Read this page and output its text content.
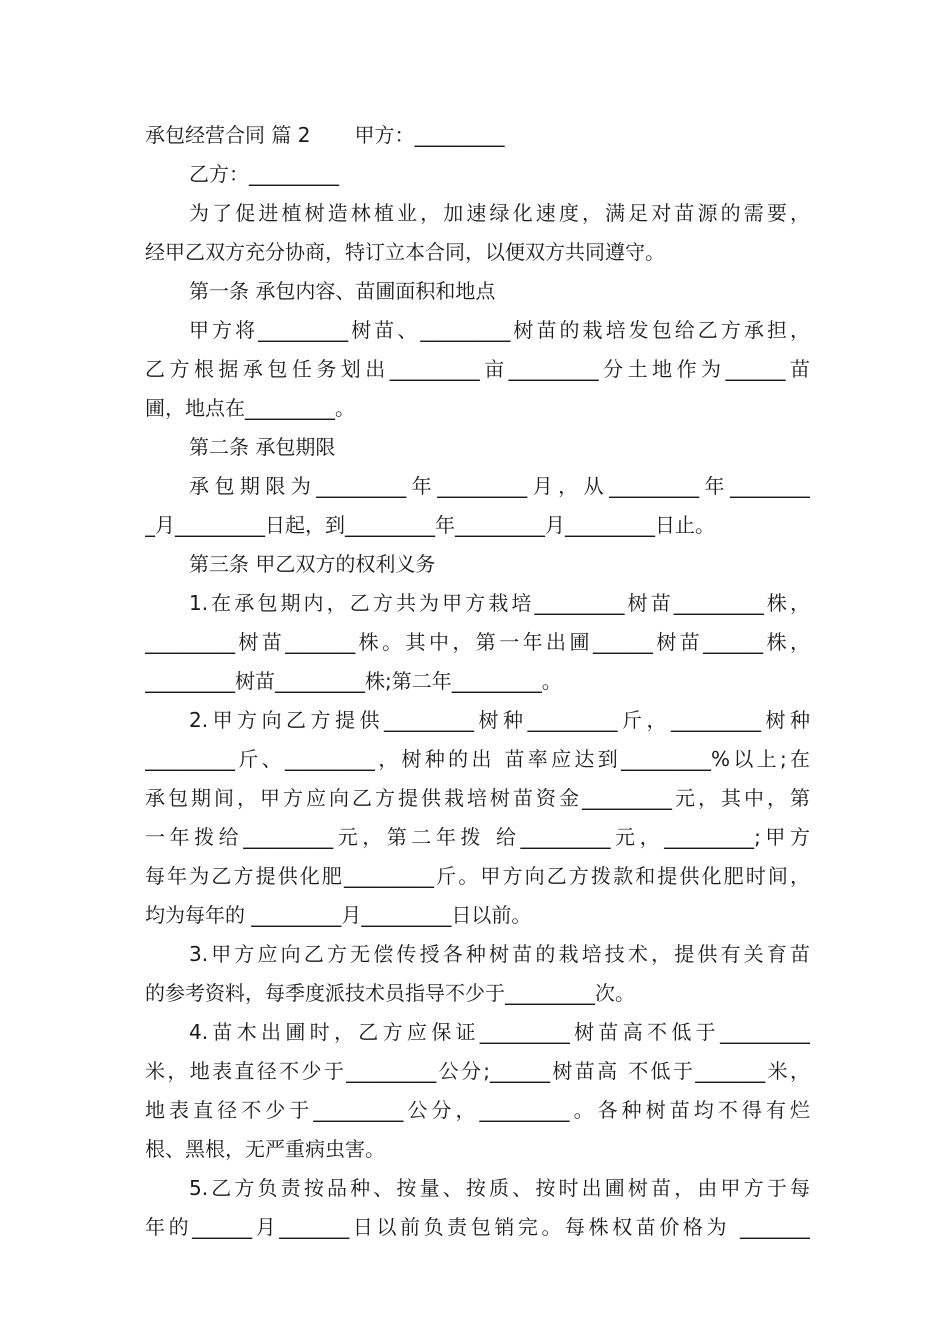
承包经营合同 篇 2 甲方：_________

乙方：_________

为了促进植树造林植业，加速绿化速度，满足对苗源的需要，
经甲乙双方充分协商，特订立本合同，以便双方共同遵守。

第一条 承包内容、苗圃面积和地点

甲方将_________树苗、_________树苗的栽培发包给乙方承担，
乙方根据承包任务划出_________亩_________分土地作为______苗
圃，地点在_________。

第二条 承包期限

承包期限为_________年_________月，从_________年________
_月_________日起，到_________年_________月_________日止。

第三条 甲乙双方的权利义务

1.在承包期内，乙方共为甲方栽培_________树苗_________株，
_________树苗_______株。其中，第一年出圃______树苗______株，
_________树苗_________株;第二年_________。

2.甲方向乙方提供_________树种_________斤，_________树种
_________斤、_________，树种的出 苗率应达到_________%以上;在
承包期间，甲方应向乙方提供栽培树苗资金_________元，其中，第
一年拨给_________元，第二年拨 给_________元，_________;甲方
每年为乙方提供化肥_________斤。甲方向乙方拨款和提供化肥时间，
均为每年的 _________月_________日以前。

3.甲方应向乙方无偿传授各种树苗的栽培技术，提供有关育苗
的参考资料，每季度派技术员指导不少于_________次。

4.苗木出圃时，乙方应保证_________树苗高不低于_________
米，地表直径不少于_________公分;______树苗高 不低于_______米，
地表直径不少于_________公分，_________。各种树苗均不得有烂
根、黑根，无严重病虫害。

5.乙方负责按品种、按量、按质、按时出圃树苗，由甲方于每
年的______月_______日以前负责包销完。每株权苗价格为 _______
